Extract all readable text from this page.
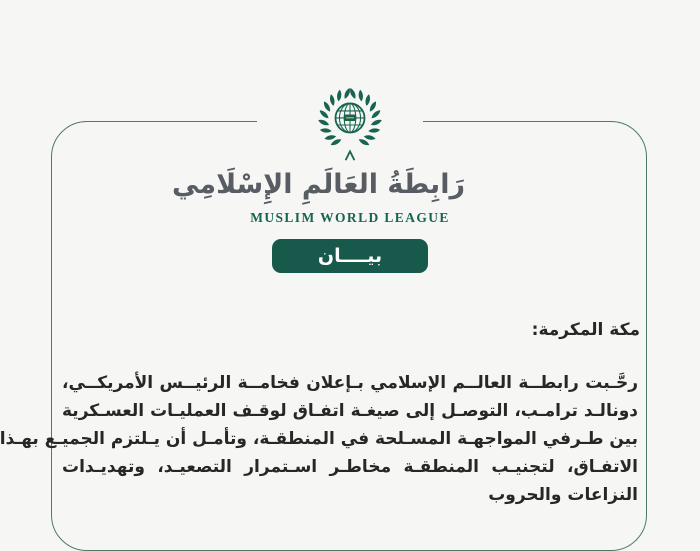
رَابِطَةُ العَالَمِ الإِسْلَامِي
MUSLIM WORLD LEAGUE
بيــــان
مكة المكرمة:
رحَّـبت رابطــة العالــم الإسلامي بـإعلان فخامــة الرئيــس الأمريكــي،
دونالـد ترامـب، التوصـل إلى صيغـة اتفـاق لوقـف العمليـات العسـكرية
بين طـرفي المواجهـة المسـلحة في المنطقـة، وتأمـل أن يـلتزم الجميـع بهـذا
الاتفـاق، لتجنيـب المنطقـة مخاطـر اسـتمرار التصعيـد، وتهديـدات
النزاعات والحروب
